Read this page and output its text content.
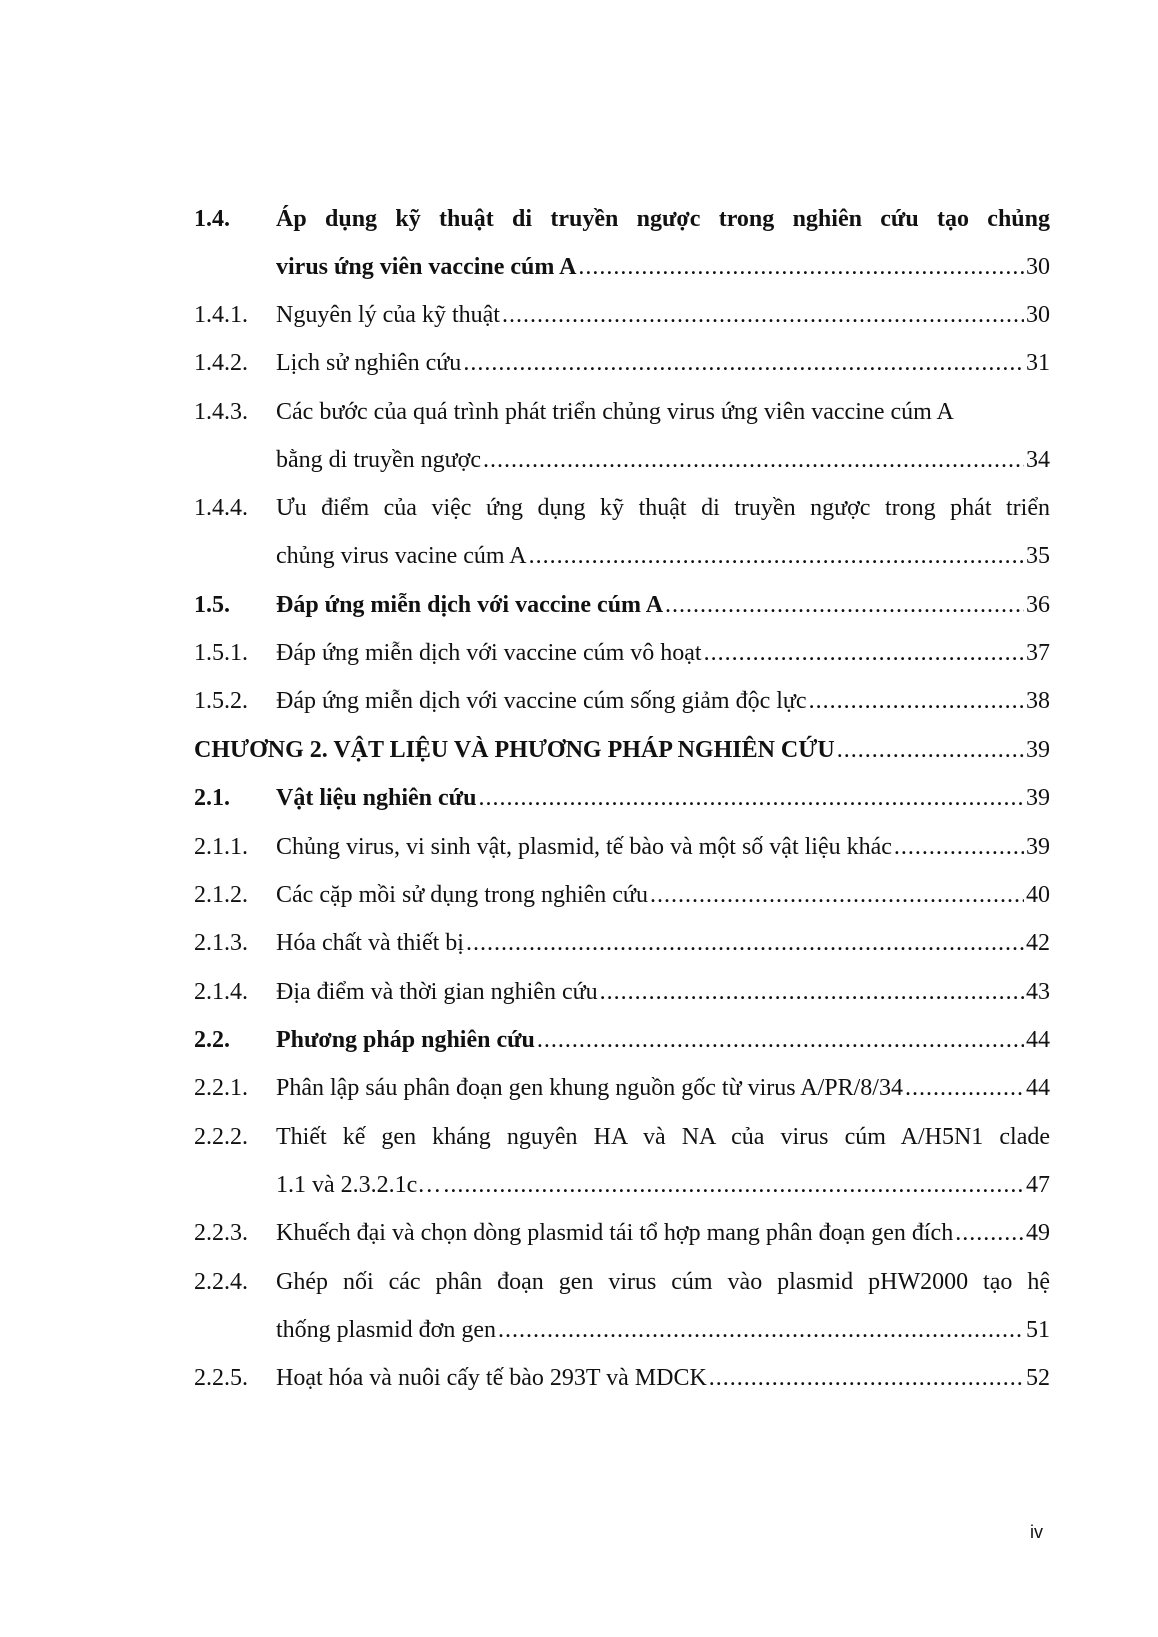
1.4. Áp dụng kỹ thuật di truyền ngược trong nghiên cứu tạo chủng
virus ứng viên vaccine cúm A .....	30
1.4.1. Nguyên lý của kỹ thuật .....	30
1.4.2. Lịch sử nghiên cứu .....	31
1.4.3. Các bước của quá trình phát triển chủng virus ứng viên vaccine cúm A
bằng di truyền ngược .....	34
1.4.4. Ưu điểm của việc ứng dụng kỹ thuật di truyền ngược trong phát triển
chủng virus vacine cúm A .....	35
1.5. Đáp ứng miễn dịch với vaccine cúm A .....	36
1.5.1. Đáp ứng miễn dịch với vaccine cúm vô hoạt .....	37
1.5.2. Đáp ứng miễn dịch với vaccine cúm sống giảm độc lực .....	38
CHƯƠNG 2. VẬT LIỆU VÀ PHƯƠNG PHÁP NGHIÊN CỨU .....	39
2.1. Vật liệu nghiên cứu .....	39
2.1.1. Chủng virus, vi sinh vật, plasmid, tế bào và một số vật liệu khác .....	39
2.1.2. Các cặp mồi sử dụng trong nghiên cứu .....	40
2.1.3. Hóa chất và thiết bị .....	42
2.1.4. Địa điểm và thời gian nghiên cứu .....	43
2.2. Phương pháp nghiên cứu .....	44
2.2.1. Phân lập sáu phân đoạn gen khung nguồn gốc từ virus A/PR/8/34 .....	44
2.2.2. Thiết kế gen kháng nguyên HA và NA của virus cúm A/H5N1 clade
1.1 và 2.3.2.1c… .....	47
2.2.3. Khuếch đại và chọn dòng plasmid tái tổ hợp mang phân đoạn gen đích .....	49
2.2.4. Ghép nối các phân đoạn gen virus cúm vào plasmid pHW2000 tạo hệ
thống plasmid đơn gen .....	51
2.2.5. Hoạt hóa và nuôi cấy tế bào 293T và MDCK .....	52
iv
